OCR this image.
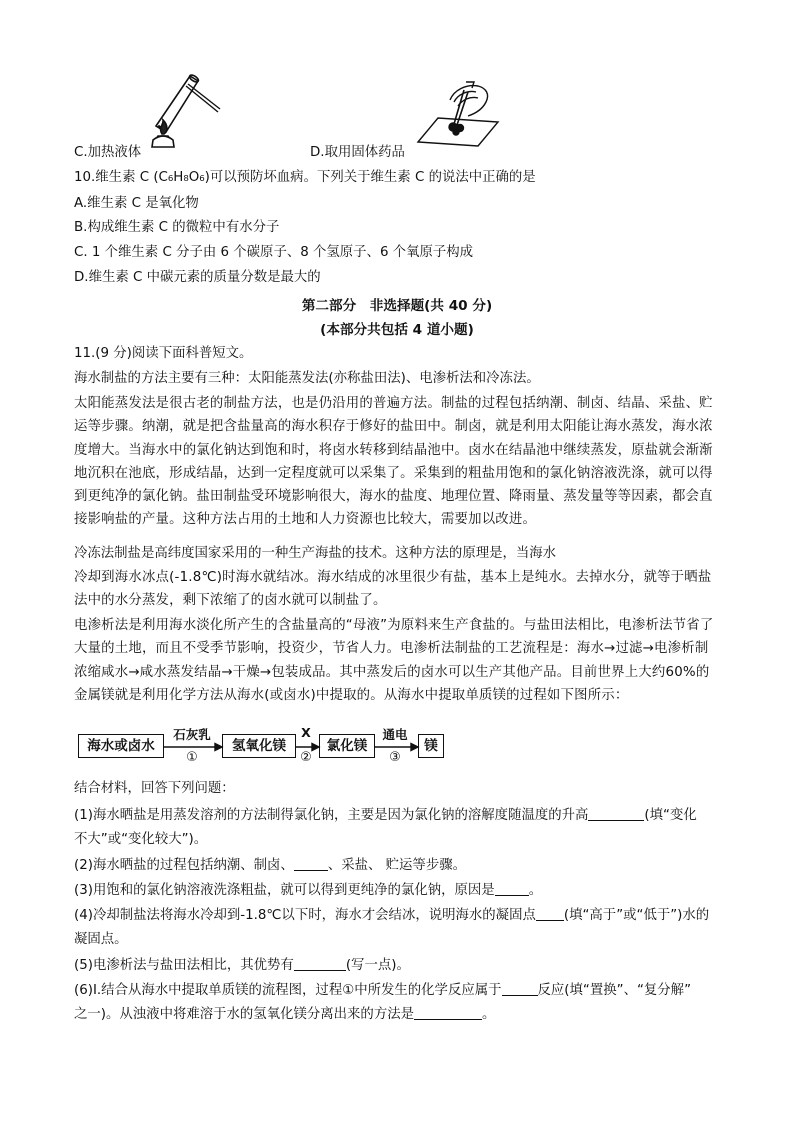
C.加热液体	D.取用固体药品
10.维生素 C (C₆H₈O₆)可以预防坏血病。下列关于维生素 C 的说法中正确的是
A.维生素 C 是氧化物
B.构成维生素 C 的微粒中有水分子
C. 1 个维生素 C 分子由 6 个碳原子、8 个氢原子、6 个氧原子构成
D.维生素 C 中碳元素的质量分数是最大的
第二部分　非选择题(共 40 分)
(本部分共包括 4 道小题)
11.(9 分)阅读下面科普短文。
海水制盐的方法主要有三种：太阳能蒸发法(亦称盐田法)、电渗析法和冷冻法。
太阳能蒸发法是很古老的制盐方法，也是仍沿用的普遍方法。制盐的过程包括纳潮、制卤、结晶、采盐、贮运等步骤。纳潮，就是把含盐量高的海水积存于修好的盐田中。制卤，就是利用太阳能让海水蒸发，海水浓度增大。当海水中的氯化钠达到饱和时，将卤水转移到结晶池中。卤水在结晶池中继续蒸发，原盐就会渐渐地沉积在池底，形成结晶，达到一定程度就可以采集了。采集到的粗盐用饱和的氯化钠溶液洗涤，就可以得到更纯净的氯化钠。盐田制盐受环境影响很大，海水的盐度、地理位置、降雨量、蒸发量等等因素，都会直接影响盐的产量。这种方法占用的土地和人力资源也比较大，需要加以改进。
冷冻法制盐是高纬度国家采用的一种生产海盐的技术。这种方法的原理是，当海水
冷却到海水冰点(-1.8℃)时海水就结冰。海水结成的冰里很少有盐，基本上是纯水。去掉水分，就等于晒盐法中的水分蒸发，剩下浓缩了的卤水就可以制盐了。
电渗析法是利用海水淡化所产生的含盐量高的“母液”为原料来生产食盐的。与盐田法相比，电渗析法节省了大量的土地，而且不受季节影响，投资少，节省人力。电渗析法制盐的工艺流程是：海水→过滤→电渗析制浓缩咸水→咸水蒸发结晶→干燥→包装成品。其中蒸发后的卤水可以生产其他产品。目前世界上大约60%的金属镁就是利用化学方法从海水(或卤水)中提取的。从海水中提取单质镁的过程如下图所示：
海水或卤水	氢氧化镁	氯化镁	镁
石灰乳
①
X
②
通电
③
结合材料，回答下列问题：
(1)海水晒盐是用蒸发溶剂的方法制得氯化钠，主要是因为氯化钠的溶解度随温度的升高	(填“变化
不大”或“变化较大”)。
(2)海水晒盐的过程包括纳潮、制卤、	、采盐、 贮运等步骤。
(3)用饱和的氯化钠溶液洗涤粗盐，就可以得到更纯净的氯化钠，原因是	。
(4)冷却制盐法将海水冷却到-1.8℃以下时，海水才会结冰，说明海水的凝固点 (填“高于”或“低于”)水的
凝固点。
(5)电渗析法与盐田法相比，其优势有	(写一点)。
(6)Ⅰ.结合从海水中提取单质镁的流程图，过程①中所发生的化学反应属于	反应(填“置换”、“复分解”
之一)。从浊液中将难溶于水的氢氧化镁分离出来的方法是	。
